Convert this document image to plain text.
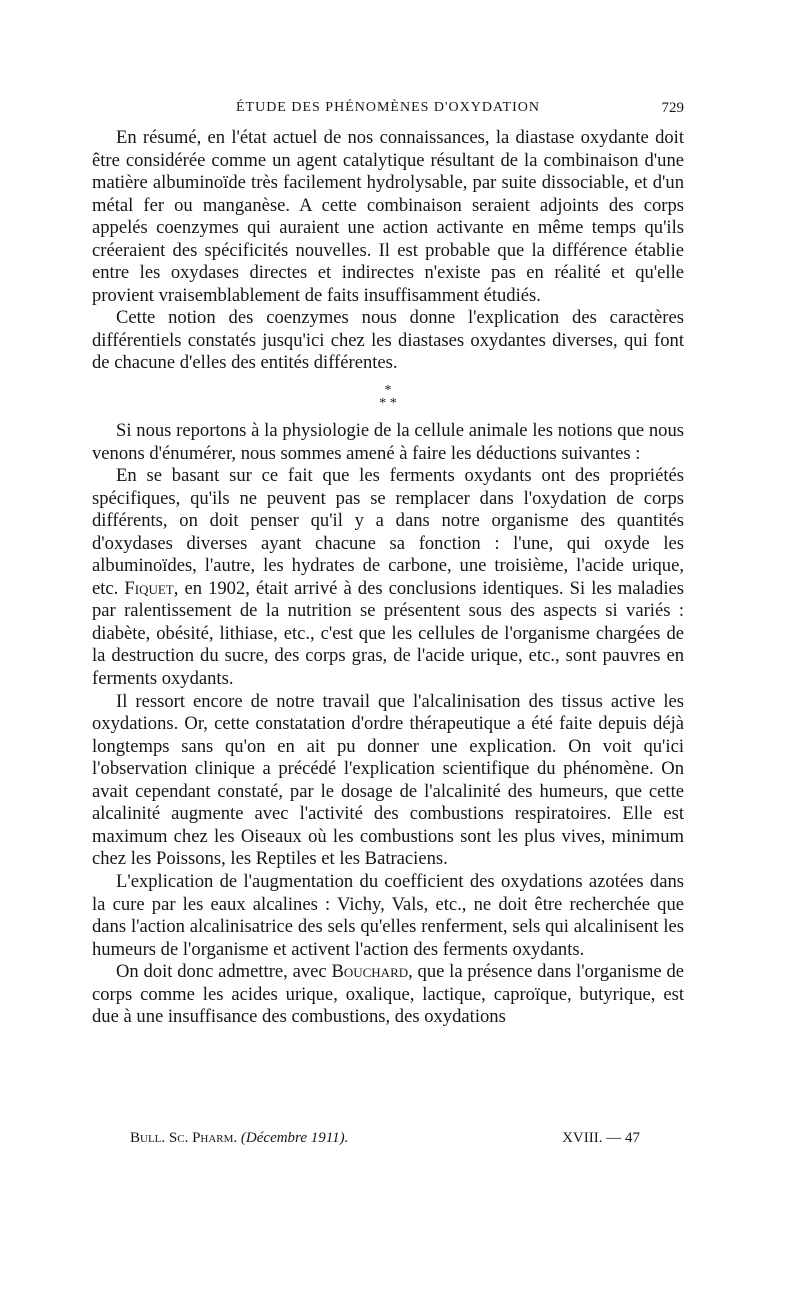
ÉTUDE DES PHÉNOMÈNES D'OXYDATION	729

En résumé, en l'état actuel de nos connaissances, la diastase oxydante doit être considérée comme un agent catalytique résultant de la combinaison d'une matière albuminoïde très facilement hydrolysable, par suite dissociable, et d'un métal fer ou manganèse. A cette combinaison seraient adjoints des corps appelés coenzymes qui auraient une action activante en même temps qu'ils créeraient des spécificités nouvelles. Il est probable que la différence établie entre les oxydases directes et indirectes n'existe pas en réalité et qu'elle provient vraisemblablement de faits insuffisamment étudiés.

Cette notion des coenzymes nous donne l'explication des caractères différentiels constatés jusqu'ici chez les diastases oxydantes diverses, qui font de chacune d'elles des entités différentes.

*
* *

Si nous reportons à la physiologie de la cellule animale les notions que nous venons d'énumérer, nous sommes amené à faire les déductions suivantes :

En se basant sur ce fait que les ferments oxydants ont des propriétés spécifiques, qu'ils ne peuvent pas se remplacer dans l'oxydation de corps différents, on doit penser qu'il y a dans notre organisme des quantités d'oxydases diverses ayant chacune sa fonction : l'une, qui oxyde les albuminoïdes, l'autre, les hydrates de carbone, une troisième, l'acide urique, etc. Fiquet, en 1902, était arrivé à des conclusions identiques. Si les maladies par ralentissement de la nutrition se présentent sous des aspects si variés : diabète, obésité, lithiase, etc., c'est que les cellules de l'organisme chargées de la destruction du sucre, des corps gras, de l'acide urique, etc., sont pauvres en ferments oxydants.

Il ressort encore de notre travail que l'alcalinisation des tissus active les oxydations. Or, cette constatation d'ordre thérapeutique a été faite depuis déjà longtemps sans qu'on en ait pu donner une explication. On voit qu'ici l'observation clinique a précédé l'explication scientifique du phénomène. On avait cependant constaté, par le dosage de l'alcalinité des humeurs, que cette alcalinité augmente avec l'activité des combustions respiratoires. Elle est maximum chez les Oiseaux où les combustions sont les plus vives, minimum chez les Poissons, les Reptiles et les Batraciens.

L'explication de l'augmentation du coefficient des oxydations azotées dans la cure par les eaux alcalines : Vichy, Vals, etc., ne doit être recherchée que dans l'action alcalinisatrice des sels qu'elles renferment, sels qui alcalinisent les humeurs de l'organisme et activent l'action des ferments oxydants.

On doit donc admettre, avec Bouchard, que la présence dans l'organisme de corps comme les acides urique, oxalique, lactique, caproïque, butyrique, est due à une insuffisance des combustions, des oxydations

Bull. Sc. Pharm. (Décembre 1911).	XVIII. — 47
